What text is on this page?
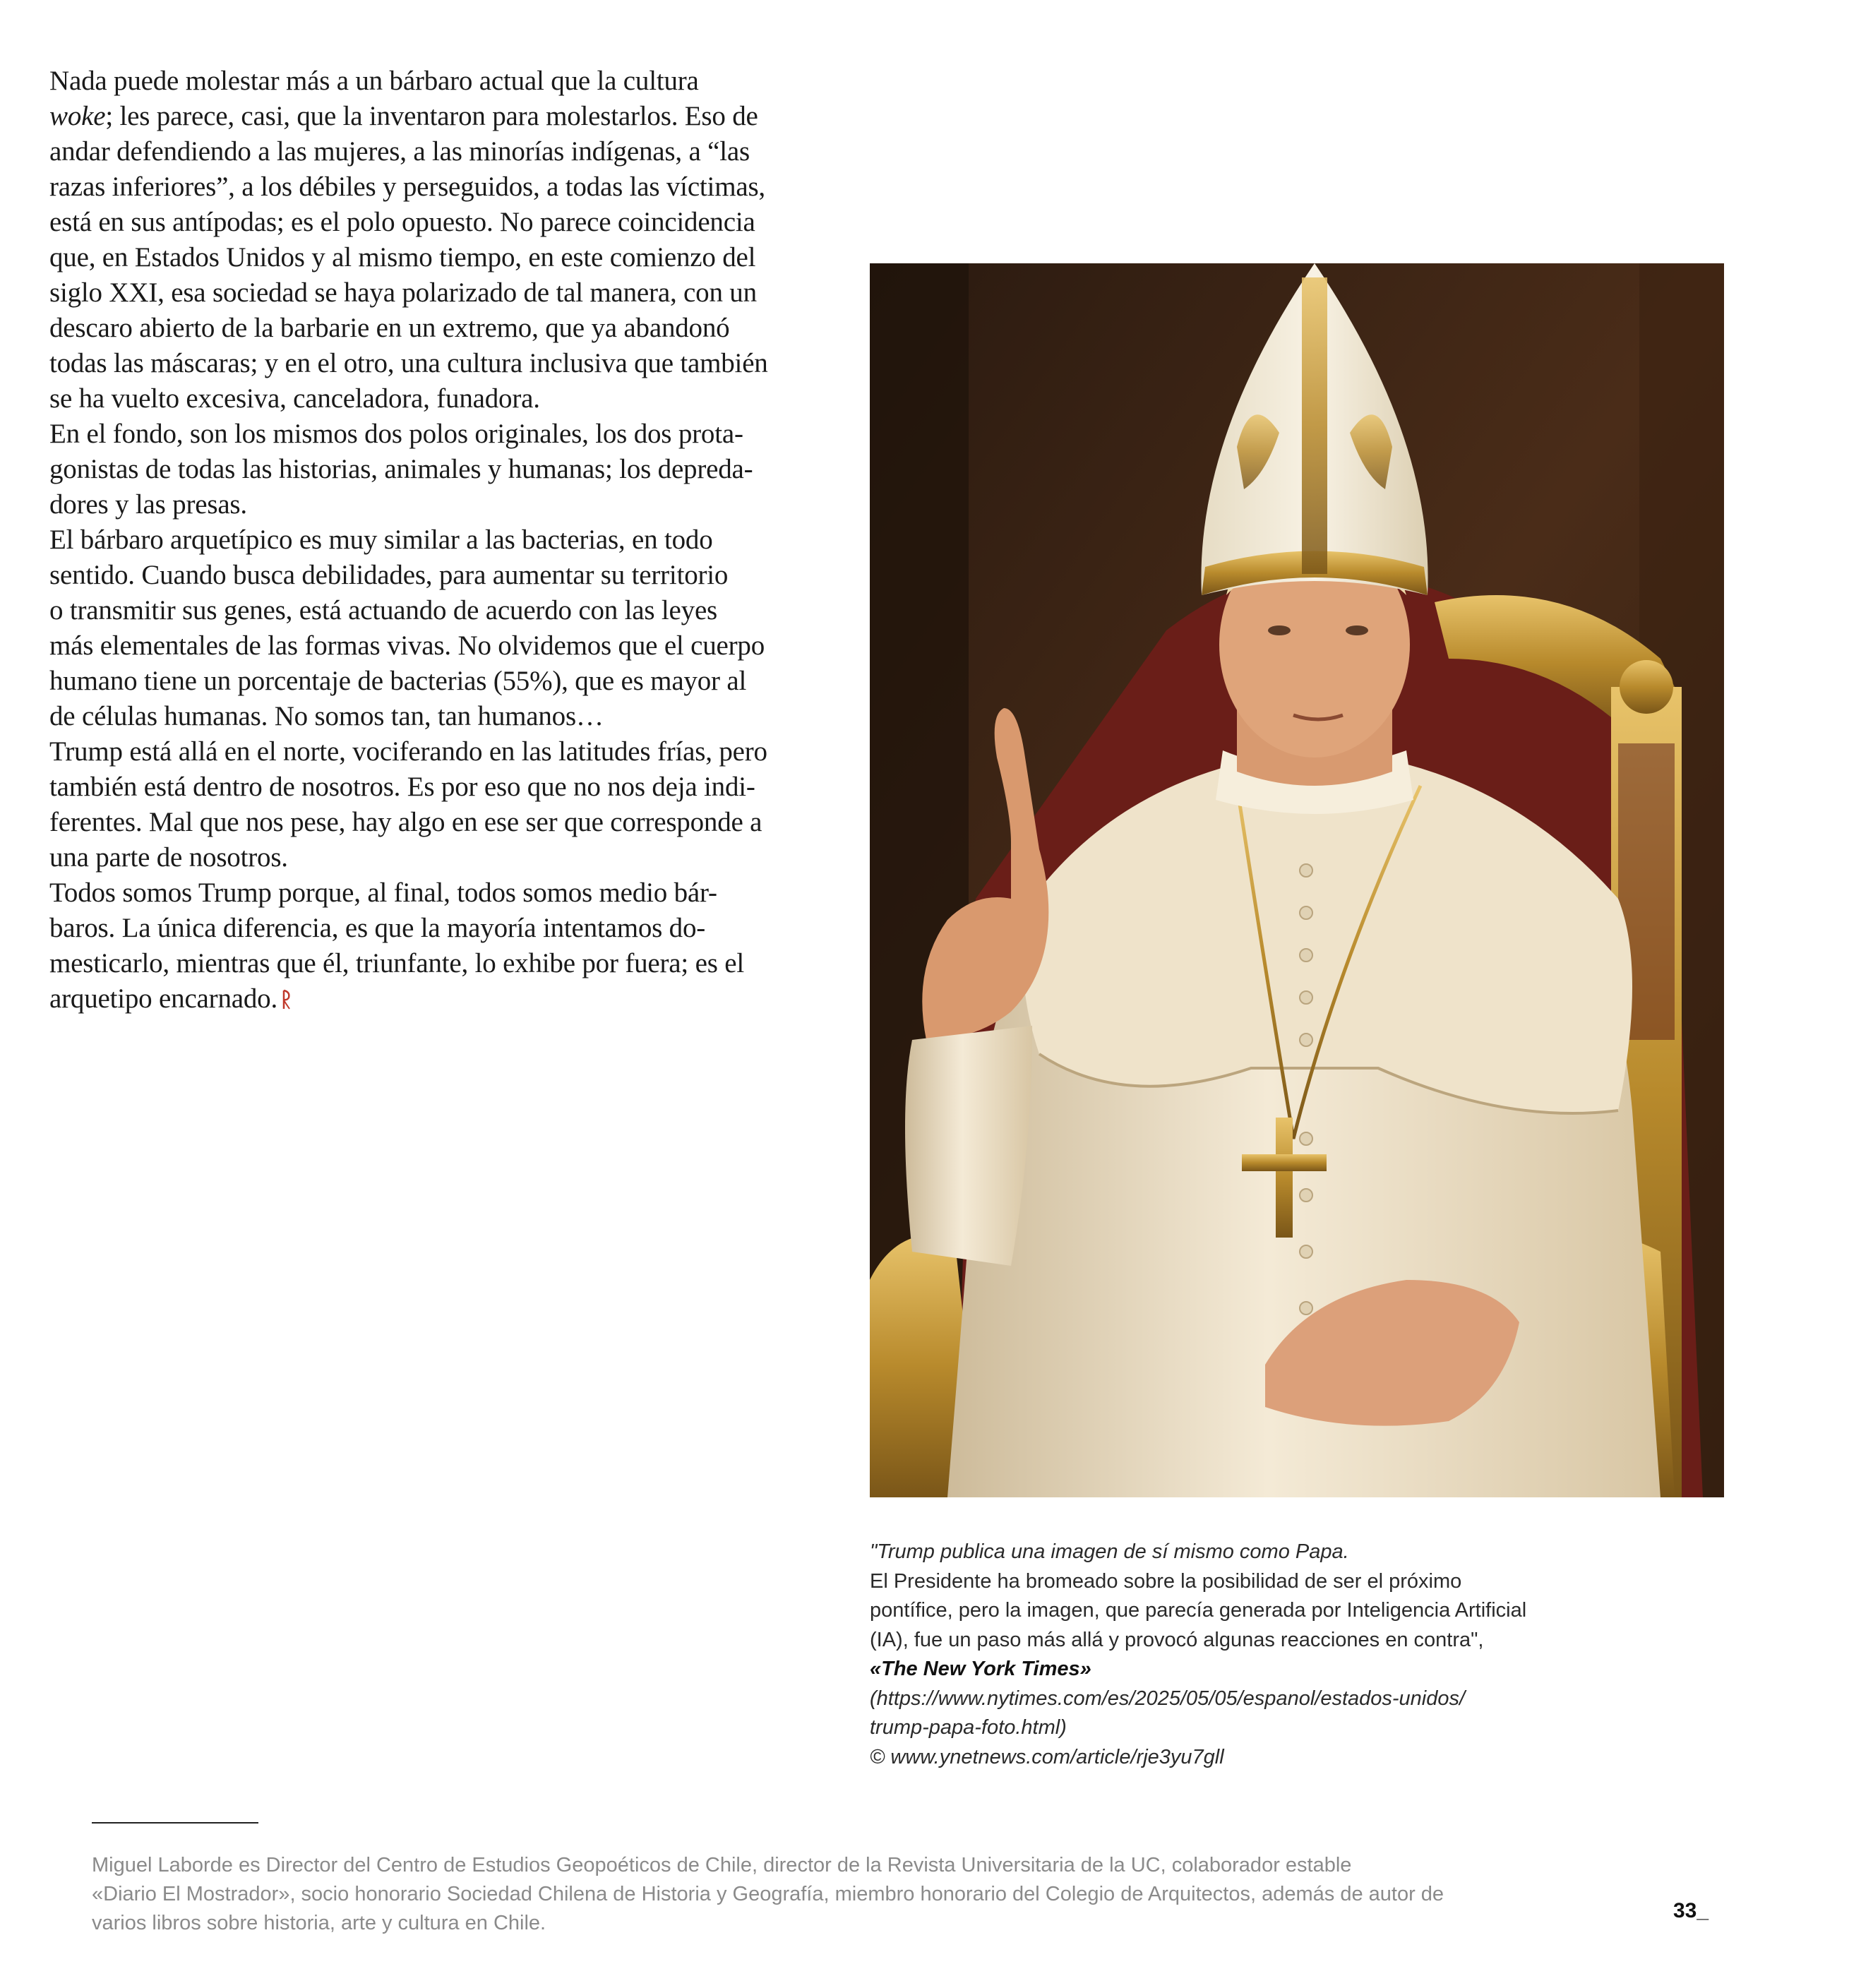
Nada puede molestar más a un bárbaro actual que la cultura
woke; les parece, casi, que la inventaron para molestarlos. Eso de
andar defendiendo a las mujeres, a las minorías indígenas, a “las
razas inferiores”, a los débiles y perseguidos, a todas las víctimas,
está en sus antípodas; es el polo opuesto. No parece coincidencia
que, en Estados Unidos y al mismo tiempo, en este comienzo del
siglo XXI, esa sociedad se haya polarizado de tal manera, con un
descaro abierto de la barbarie en un extremo, que ya abandonó
todas las máscaras; y en el otro, una cultura inclusiva que también
se ha vuelto excesiva, canceladora, funadora.

En el fondo, son los mismos dos polos originales, los dos prota-
gonistas de todas las historias, animales y humanas; los depreda-
dores y las presas.

El bárbaro arquetípico es muy similar a las bacterias, en todo
sentido. Cuando busca debilidades, para aumentar su territorio
o transmitir sus genes, está actuando de acuerdo con las leyes
más elementales de las formas vivas. No olvidemos que el cuerpo
humano tiene un porcentaje de bacterias (55%), que es mayor al
de células humanas. No somos tan, tan humanos…

Trump está allá en el norte, vociferando en las latitudes frías, pero
también está dentro de nosotros. Es por eso que no nos deja indi-
ferentes. Mal que nos pese, hay algo en ese ser que corresponde a
una parte de nosotros.

Todos somos Trump porque, al final, todos somos medio bár-
baros. La única diferencia, es que la mayoría intentamos do-
mesticarlo, mientras que él, triunfante, lo exhibe por fuera; es el
arquetipo encarnado.

"Trump publica una imagen de sí mismo como Papa.
El Presidente ha bromeado sobre la posibilidad de ser el próximo
pontífice, pero la imagen, que parecía generada por Inteligencia Artificial
(IA), fue un paso más allá y provocó algunas reacciones en contra",
«The New York Times»
(https://www.nytimes.com/es/2025/05/05/espanol/estados-unidos/
trump-papa-foto.html)
© www.ynetnews.com/article/rje3yu7gll
Miguel Laborde es Director del Centro de Estudios Geopoéticos de Chile, director de la Revista Universitaria de la UC, colaborador estable
«Diario El Mostrador», socio honorario Sociedad Chilena de Historia y Geografía, miembro honorario del Colegio de Arquitectos, además de autor de
varios libros sobre historia, arte y cultura en Chile.
33_
